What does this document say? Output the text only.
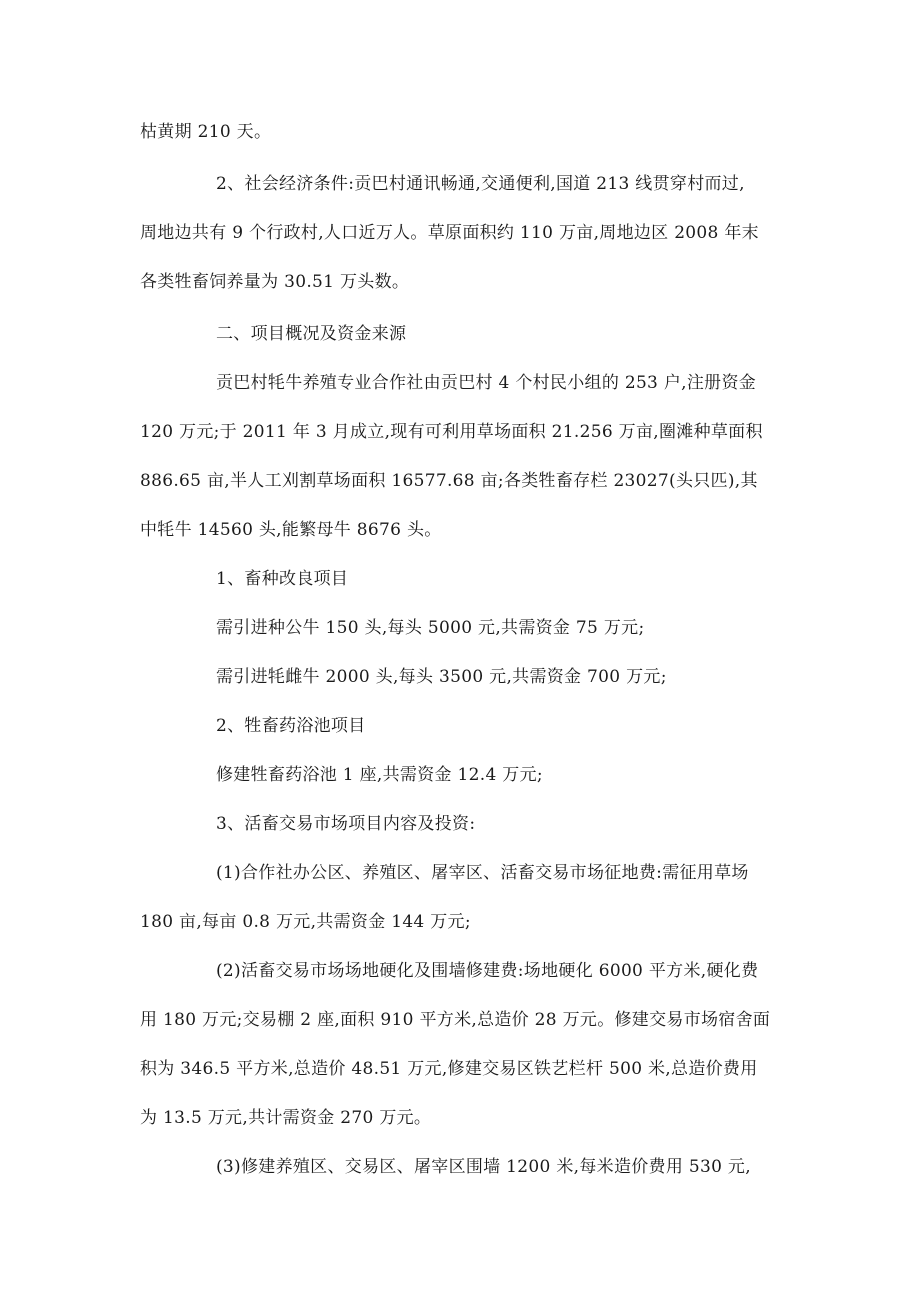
枯黄期 210 天。
2、社会经济条件:贡巴村通讯畅通,交通便利,国道 213 线贯穿村而过,
周地边共有 9 个行政村,人口近万人。草原面积约 110 万亩,周地边区 2008 年末
各类牲畜饲养量为 30.51 万头数。
二、项目概况及资金来源
贡巴村牦牛养殖专业合作社由贡巴村 4 个村民小组的 253 户,注册资金
120 万元;于 2011 年 3 月成立,现有可利用草场面积 21.256 万亩,圈滩种草面积
886.65 亩,半人工刈割草场面积 16577.68 亩;各类牲畜存栏 23027(头只匹),其
中牦牛 14560 头,能繁母牛 8676 头。
1、畜种改良项目
需引进种公牛 150 头,每头 5000 元,共需资金 75 万元;
需引进牦雌牛 2000 头,每头 3500 元,共需资金 700 万元;
2、牲畜药浴池项目
修建牲畜药浴池 1 座,共需资金 12.4 万元;
3、活畜交易市场项目内容及投资:
(1)合作社办公区、养殖区、屠宰区、活畜交易市场征地费:需征用草场
180 亩,每亩 0.8 万元,共需资金 144 万元;
(2)活畜交易市场场地硬化及围墙修建费:场地硬化 6000 平方米,硬化费
用 180 万元;交易棚 2 座,面积 910 平方米,总造价 28 万元。修建交易市场宿舍面
积为 346.5 平方米,总造价 48.51 万元,修建交易区铁艺栏杆 500 米,总造价费用
为 13.5 万元,共计需资金 270 万元。
(3)修建养殖区、交易区、屠宰区围墙 1200 米,每米造价费用 530 元,
